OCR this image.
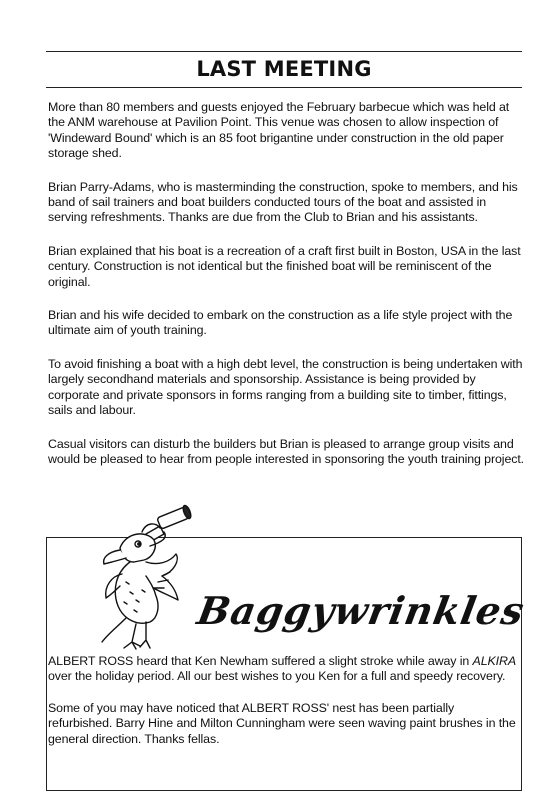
LAST MEETING

More than 80 members and guests enjoyed the February barbecue which was held at the ANM warehouse at Pavilion Point. This venue was chosen to allow inspection of 'Windeward Bound' which is an 85 foot brigantine under construction in the old paper storage shed.

Brian Parry-Adams, who is masterminding the construction, spoke to members, and his band of sail trainers and boat builders conducted tours of the boat and assisted in serving refreshments. Thanks are due from the Club to Brian and his assistants.

Brian explained that his boat is a recreation of a craft first built in Boston, USA in the last century. Construction is not identical but the finished boat will be reminiscent of the original.

Brian and his wife decided to embark on the construction as a life style project with the ultimate aim of youth training.

To avoid finishing a boat with a high debt level, the construction is being undertaken with largely secondhand materials and sponsorship. Assistance is being provided by corporate and private sponsors in forms ranging from a building site to timber, fittings, sails and labour.

Casual visitors can disturb the builders but Brian is pleased to arrange group visits and would be pleased to hear from people interested in sponsoring the youth training project.

Baggywrinkles

ALBERT ROSS heard that Ken Newham suffered a slight stroke while away in ALKIRA over the holiday period. All our best wishes to you Ken for a full and speedy recovery.

Some of you may have noticed that ALBERT ROSS' nest has been partially refurbished. Barry Hine and Milton Cunningham were seen waving paint brushes in the general direction. Thanks fellas.
